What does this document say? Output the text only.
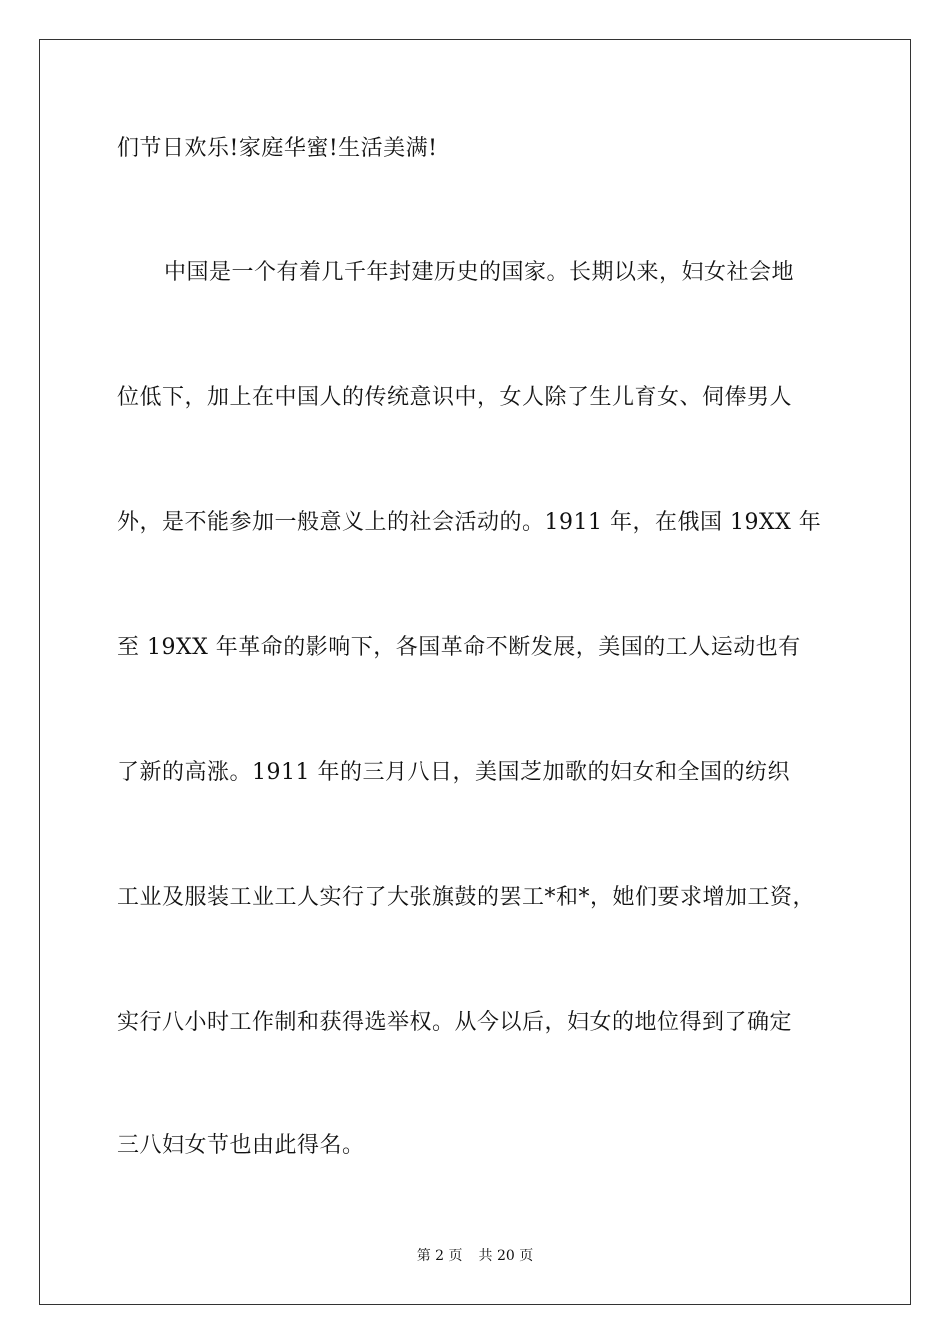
们节日欢乐!家庭华蜜!生活美满!
中国是一个有着几千年封建历史的国家。长期以来，妇女社会地
位低下，加上在中国人的传统意识中，女人除了生儿育女、伺俸男人
外，是不能参加一般意义上的社会活动的。1911 年，在俄国 19XX 年
至 19XX 年革命的影响下，各国革命不断发展，美国的工人运动也有
了新的高涨。1911 年的三月八日，美国芝加歌的妇女和全国的纺织
工业及服装工业工人实行了大张旗鼓的罢工*和*，她们要求增加工资，
实行八小时工作制和获得选举权。从今以后，妇女的地位得到了确定
三八妇女节也由此得名。
第 2 页 共 20 页
